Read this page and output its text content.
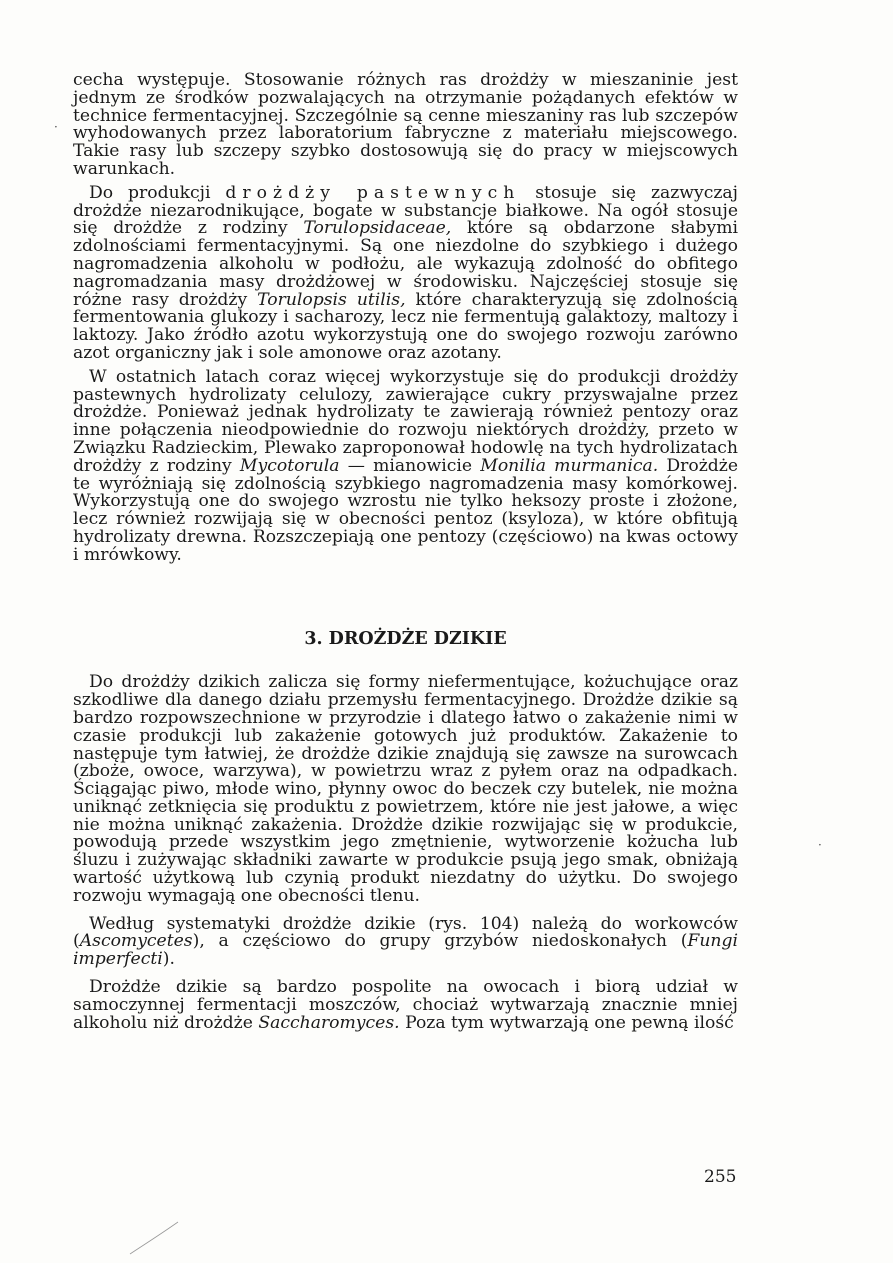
cecha występuje. Stosowanie różnych ras drożdży w mieszaninie jest jednym ze środków pozwalających na otrzymanie pożądanych efektów w technice fermentacyjnej. Szczególnie są cenne mieszaniny ras lub szczepów wyhodowanych przez laboratorium fabryczne z materiału miejscowego. Takie rasy lub szczepy szybko dostosowują się do pracy w miejscowych warunkach.

Do produkcji drożdży pastewnych stosuje się zazwyczaj drożdże niezarodnikujące, bogate w substancje białkowe. Na ogół stosuje się drożdże z rodziny Torulopsidaceae, które są obdarzone słabymi zdolnościami fermentacyjnymi. Są one niezdolne do szybkiego i dużego nagromadzenia alkoholu w podłożu, ale wykazują zdolność do obfitego nagromadzania masy drożdżowej w środowisku. Najczęściej stosuje się różne rasy drożdży Torulopsis utilis, które charakteryzują się zdolnością fermentowania glukozy i sacharozy, lecz nie fermentują galaktozy, maltozy i laktozy. Jako źródło azotu wykorzystują one do swojego rozwoju zarówno azot organiczny jak i sole amonowe oraz azotany.

W ostatnich latach coraz więcej wykorzystuje się do produkcji drożdży pastewnych hydrolizaty celulozy, zawierające cukry przyswajalne przez drożdże. Ponieważ jednak hydrolizaty te zawierają również pentozy oraz inne połączenia nieodpowiednie do rozwoju niektórych drożdży, przeto w Związku Radzieckim, Plewako zaproponował hodowlę na tych hydrolizatach drożdży z rodziny Mycotorula — mianowicie Monilia murmanica. Drożdże te wyróżniają się zdolnością szybkiego nagromadzenia masy komórkowej. Wykorzystują one do swojego wzrostu nie tylko heksozy proste i złożone, lecz również rozwijają się w obecności pentoz (ksyloza), w które obfitują hydrolizaty drewna. Rozszczepiają one pentozy (częściowo) na kwas octowy i mrówkowy.

3. DROŻDŻE DZIKIE

Do drożdży dzikich zalicza się formy niefermentujące, kożuchujące oraz szkodliwe dla danego działu przemysłu fermentacyjnego. Drożdże dzikie są bardzo rozpowszechnione w przyrodzie i dlatego łatwo o zakażenie nimi w czasie produkcji lub zakażenie gotowych już produktów. Zakażenie to następuje tym łatwiej, że drożdże dzikie znajdują się zawsze na surowcach (zboże, owoce, warzywa), w powietrzu wraz z pyłem oraz na odpadkach. Ściągając piwo, młode wino, płynny owoc do beczek czy butelek, nie można uniknąć zetknięcia się produktu z powietrzem, które nie jest jałowe, a więc nie można uniknąć zakażenia. Drożdże dzikie rozwijając się w produkcie, powodują przede wszystkim jego zmętnienie, wytworzenie kożucha lub śluzu i zużywając składniki zawarte w produkcie psują jego smak, obniżają wartość użytkową lub czynią produkt niezdatny do użytku. Do swojego rozwoju wymagają one obecności tlenu.

Według systematyki drożdże dzikie (rys. 104) należą do workowców (Ascomycetes), a częściowo do grupy grzybów niedoskonałych (Fungi imperfecti).

Drożdże dzikie są bardzo pospolite na owocach i biorą udział w samoczynnej fermentacji moszczów, chociaż wytwarzają znacznie mniej alkoholu niż drożdże Saccharomyces. Poza tym wytwarzają one pewną ilość

255
·
·
